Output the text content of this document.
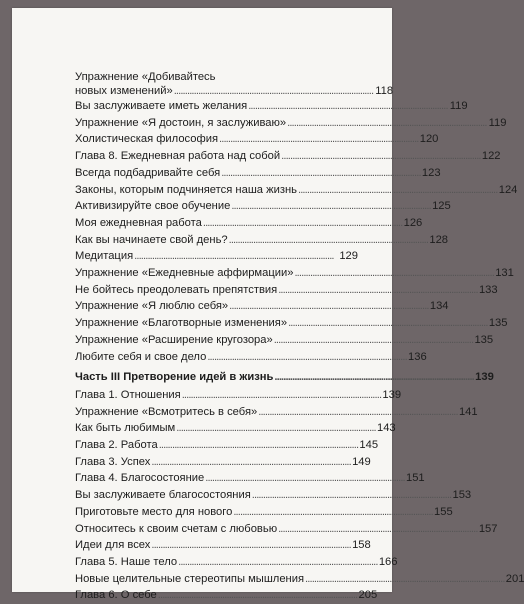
Упражнение «Добивайтесь
новых изменений» . . .	118
Вы заслуживаете иметь желания . . .	119
Упражнение «Я достоин, я заслуживаю» . . .	119
Холистическая философия . . .	120
Глава 8. Ежедневная работа над собой . . .	122
Всегда подбадривайте себя . . .	123
Законы, которым подчиняется наша жизнь . . .	124
Активизируйте свое обучение . . .	125
Моя ежедневная работа . . .	126
Как вы начинаете свой день? . . .	128
Медитация . . .	129
Упражнение «Ежедневные аффирмации» . . .	131
Не бойтесь преодолевать препятствия . . .	133
Упражнение «Я люблю себя» . . .	134
Упражнение «Благотворные изменения» . . .	135
Упражнение «Расширение кругозора» . . .	135
Любите себя и свое дело . . .	136
Часть III Претворение идей в жизнь . . .	139
Глава 1. Отношения . . .	139
Упражнение «Всмотритесь в себя» . . .	141
Как быть любимым . . .	143
Глава 2. Работа . . .	145
Глава 3. Успех . . .	149
Глава 4. Благосостояние . . .	151
Вы заслуживаете благосостояния . . .	153
Приготовьте место для нового . . .	155
Относитесь к своим счетам с любовью . . .	157
Идеи для всех . . .	158
Глава 5. Наше тело . . .	166
Новые целительные стереотипы мышления . . .	201
Глава 6. О себе . . .	205
